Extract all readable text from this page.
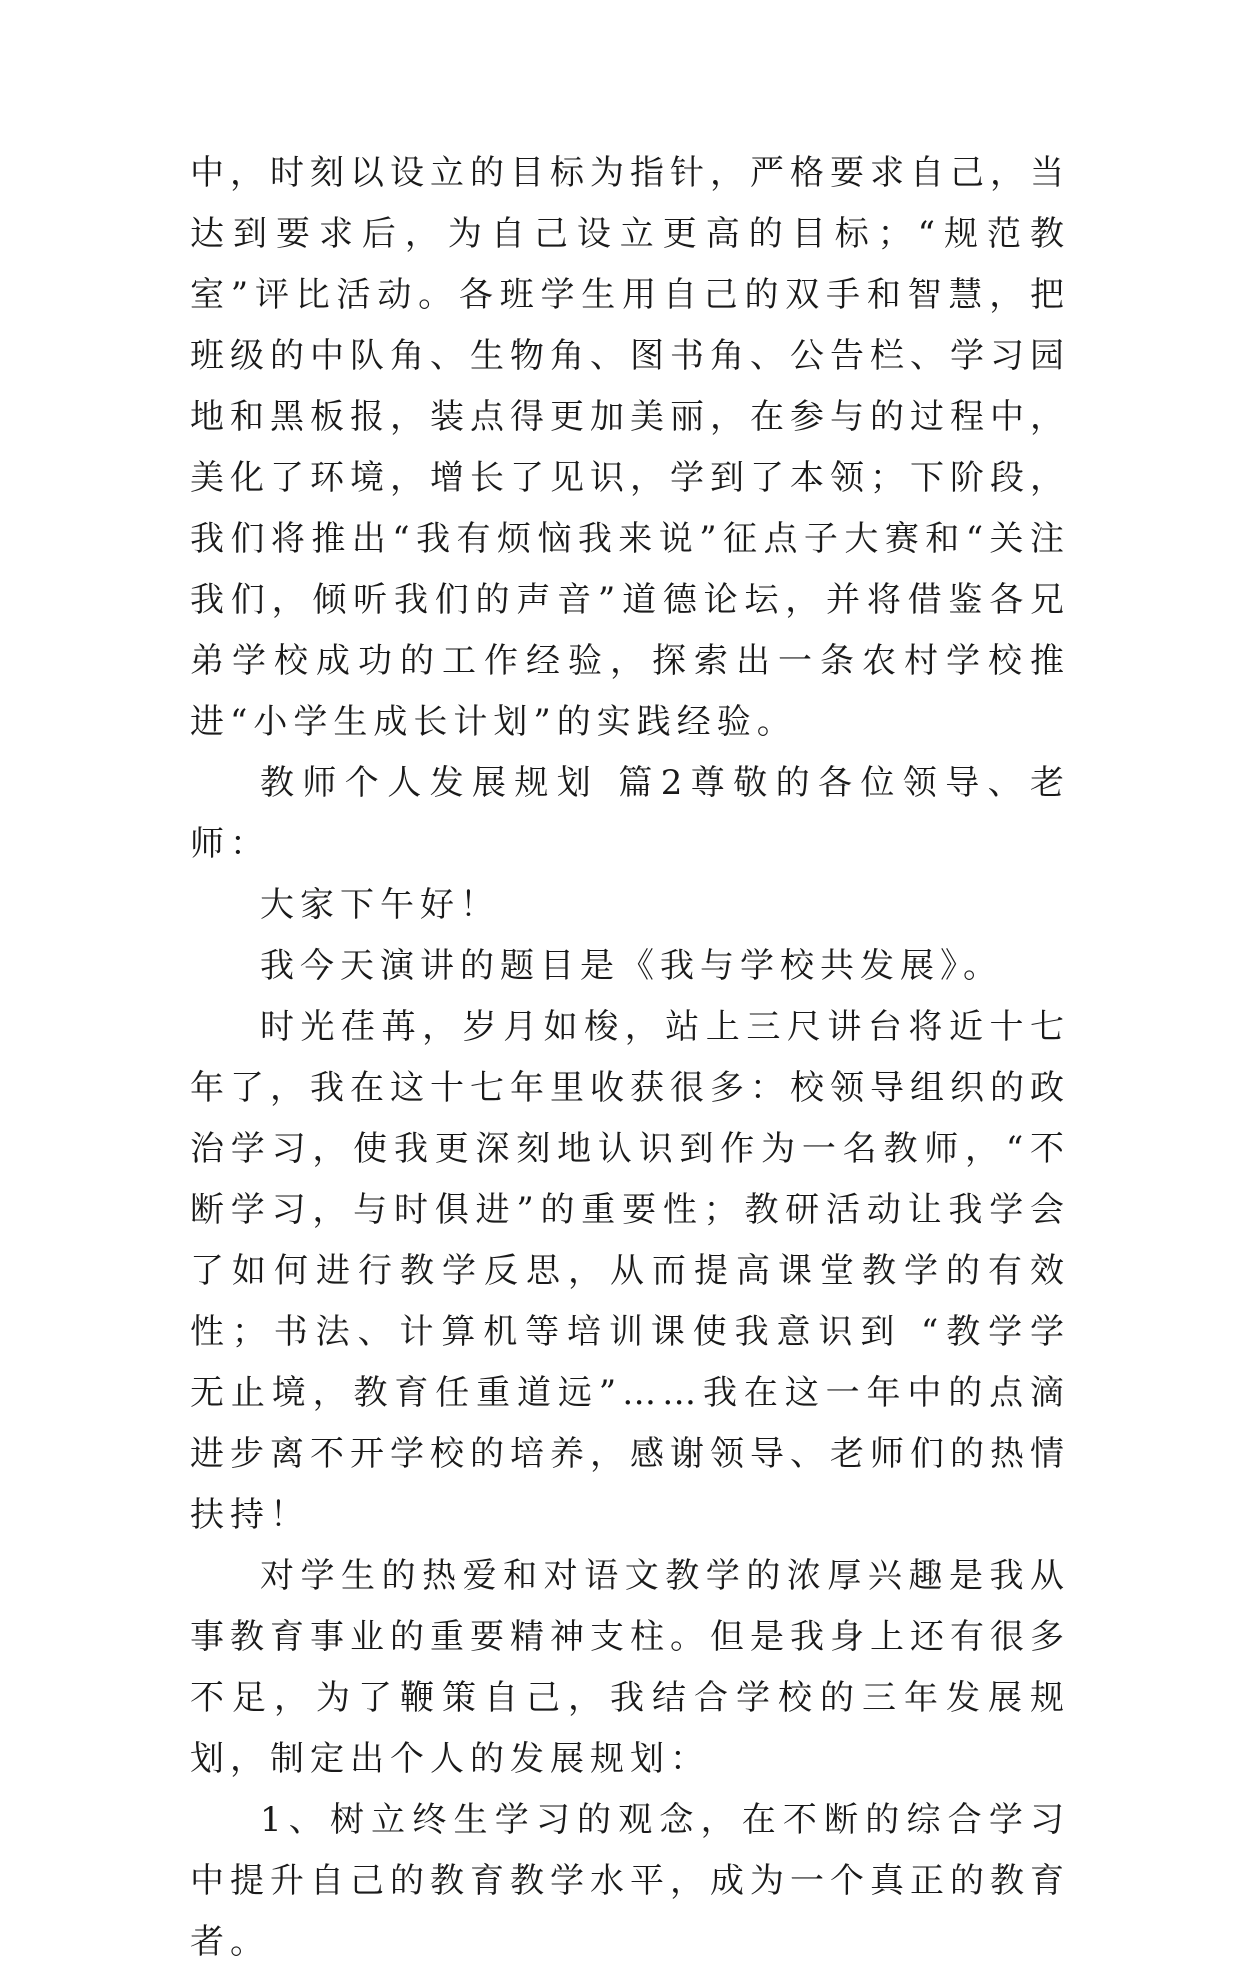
中，时刻以设立的目标为指针，严格要求自己，当达到要求后，为自己设立更高的目标；“规范教室”评比活动。各班学生用自己的双手和智慧，把班级的中队角、生物角、图书角、公告栏、学习园地和黑板报，装点得更加美丽，在参与的过程中，美化了环境，增长了见识，学到了本领；下阶段，我们将推出“我有烦恼我来说”征点子大赛和“关注我们，倾听我们的声音”道德论坛，并将借鉴各兄弟学校成功的工作经验，探索出一条农村学校推进“小学生成长计划”的实践经验。

教师个人发展规划 篇2尊敬的各位领导、老师：

大家下午好！

我今天演讲的题目是《我与学校共发展》。

时光荏苒，岁月如梭，站上三尺讲台将近十七年了，我在这十七年里收获很多：校领导组织的政治学习，使我更深刻地认识到作为一名教师，“不断学习，与时俱进”的重要性；教研活动让我学会了如何进行教学反思，从而提高课堂教学的有效性；书法、计算机等培训课使我意识到 “教学学无止境，教育任重道远”……我在这一年中的点滴进步离不开学校的培养，感谢领导、老师们的热情扶持！

对学生的热爱和对语文教学的浓厚兴趣是我从事教育事业的重要精神支柱。但是我身上还有很多不足，为了鞭策自己，我结合学校的三年发展规划，制定出个人的发展规划：

1、树立终生学习的观念，在不断的综合学习中提升自己的教育教学水平，成为一个真正的教育者。
